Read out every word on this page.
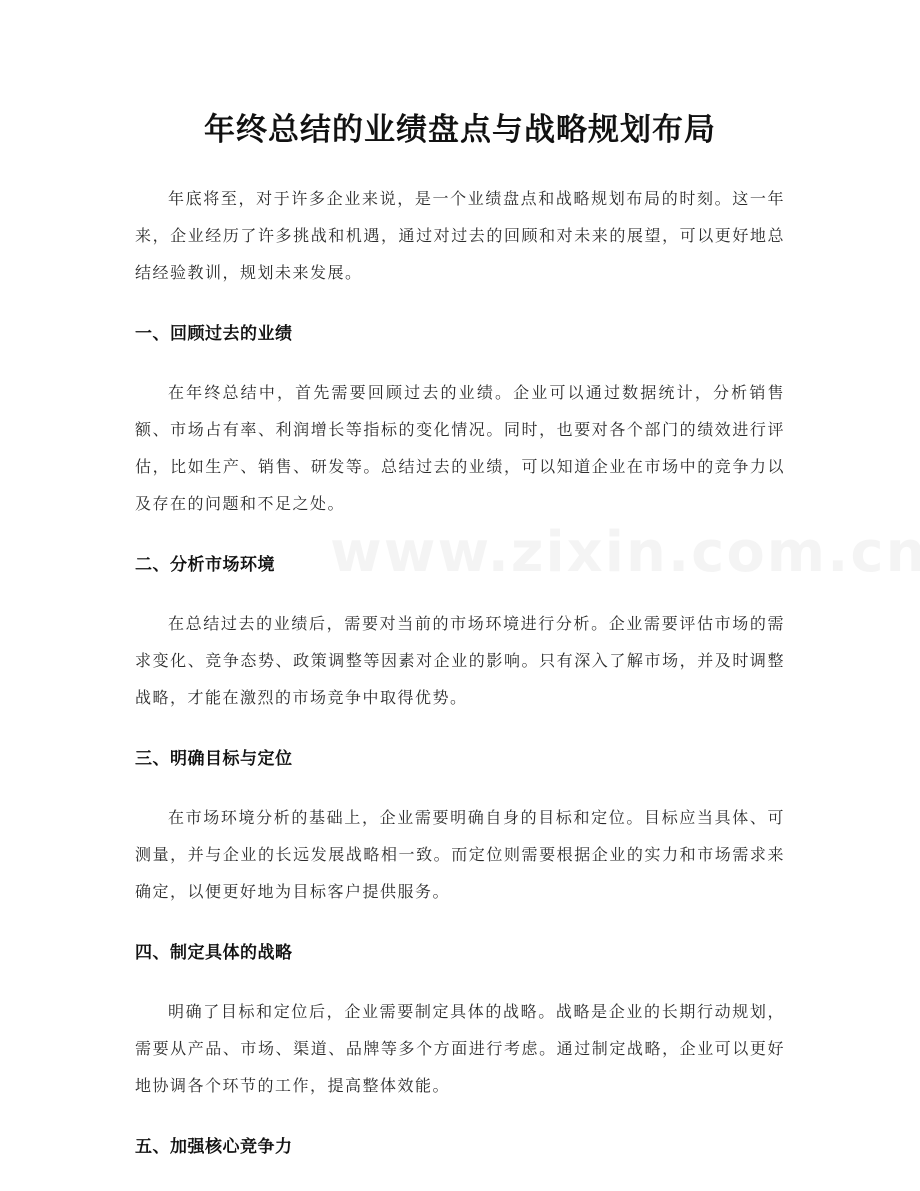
年终总结的业绩盘点与战略规划布局

年底将至，对于许多企业来说，是一个业绩盘点和战略规划布局的时刻。这一年来，企业经历了许多挑战和机遇，通过对过去的回顾和对未来的展望，可以更好地总结经验教训，规划未来发展。

一、回顾过去的业绩

在年终总结中，首先需要回顾过去的业绩。企业可以通过数据统计，分析销售额、市场占有率、利润增长等指标的变化情况。同时，也要对各个部门的绩效进行评估，比如生产、销售、研发等。总结过去的业绩，可以知道企业在市场中的竞争力以及存在的问题和不足之处。

二、分析市场环境

在总结过去的业绩后，需要对当前的市场环境进行分析。企业需要评估市场的需求变化、竞争态势、政策调整等因素对企业的影响。只有深入了解市场，并及时调整战略，才能在激烈的市场竞争中取得优势。

三、明确目标与定位

在市场环境分析的基础上，企业需要明确自身的目标和定位。目标应当具体、可测量，并与企业的长远发展战略相一致。而定位则需要根据企业的实力和市场需求来确定，以便更好地为目标客户提供服务。

四、制定具体的战略

明确了目标和定位后，企业需要制定具体的战略。战略是企业的长期行动规划，需要从产品、市场、渠道、品牌等多个方面进行考虑。通过制定战略，企业可以更好地协调各个环节的工作，提高整体效能。

五、加强核心竞争力
